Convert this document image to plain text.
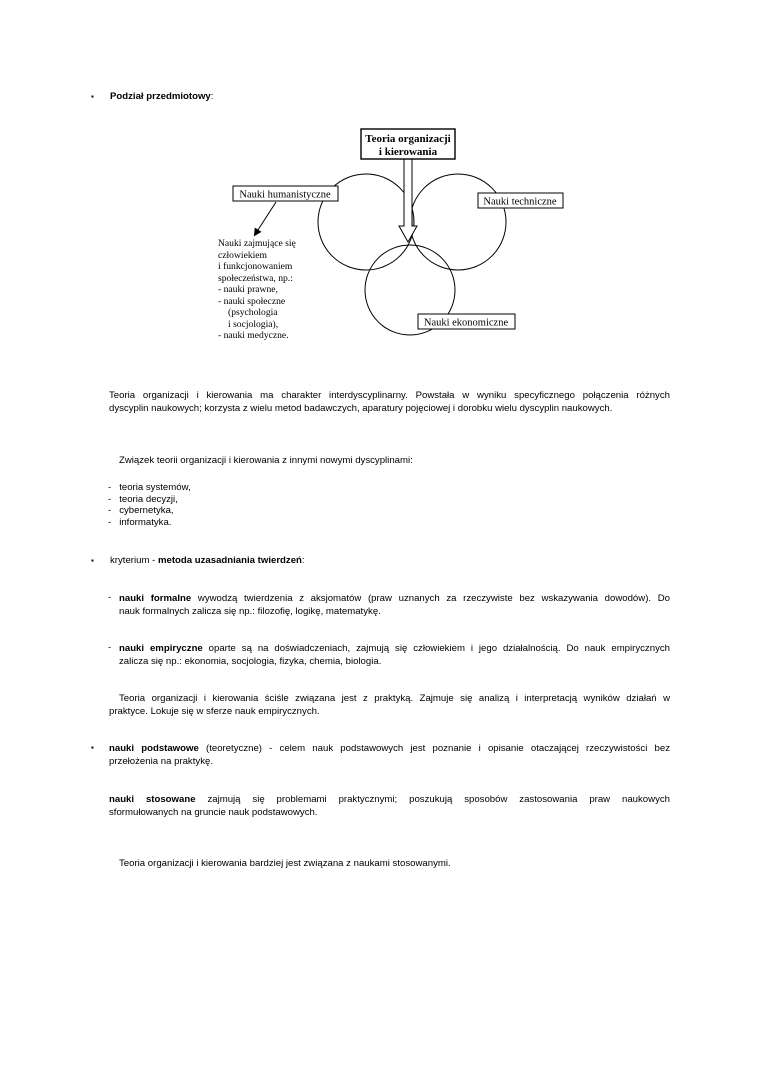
▪ Podział przedmiotowy:
Teoria organizacji
i kierowania
Nauki humanistyczne
Nauki techniczne
Nauki ekonomiczne
Nauki zajmujące się
człowiekiem
i funkcjonowaniem
społeczeństwa, np.:
- nauki prawne,
- nauki społeczne
(psychologia
i socjologia),
- nauki medyczne.
Teoria organizacji i kierowania ma charakter interdyscyplinarny. Powstała w wyniku specyficznego połączenia różnych
dyscyplin naukowych; korzysta z wielu metod badawczych, aparatury pojęciowej i dorobku wielu dyscyplin naukowych.
Związek teorii organizacji i kierowania z innymi nowymi dyscyplinami:
- teoria systemów,
- teoria decyzji,
- cybernetyka,
- informatyka.
▪ kryterium - metoda uzasadniania twierdzeń:
- nauki formalne wywodzą twierdzenia z aksjomatów (praw uznanych za rzeczywiste bez wskazywania dowodów). Do
nauk formalnych zalicza się np.: filozofię, logikę, matematykę.
- nauki empiryczne oparte są na doświadczeniach, zajmują się człowiekiem i jego działalnością. Do nauk empirycznych
zalicza się np.: ekonomia, socjologia, fizyka, chemia, biologia.
Teoria organizacji i kierowania ściśle związana jest z praktyką. Zajmuje się analizą i interpretacją wyników działań w
praktyce. Lokuje się w sferze nauk empirycznych.
▪ nauki podstawowe (teoretyczne) - celem nauk podstawowych jest poznanie i opisanie otaczającej rzeczywistości bez
przełożenia na praktykę.
nauki stosowane zajmują się problemami praktycznymi; poszukują sposobów zastosowania praw naukowych
sformułowanych na gruncie nauk podstawowych.
Teoria organizacji i kierowania bardziej jest związana z naukami stosowanymi.
